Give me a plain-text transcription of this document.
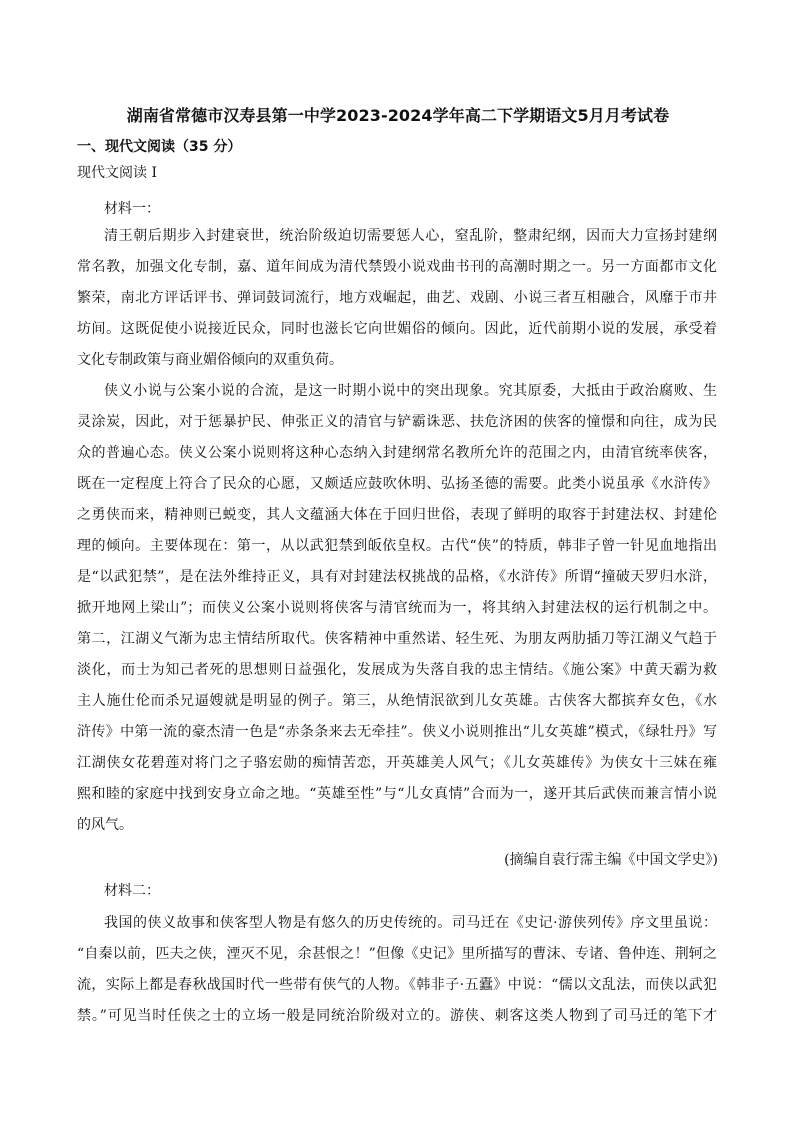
湖南省常德市汉寿县第一中学2023-2024学年高二下学期语文5月月考试卷
一、现代文阅读（35 分）
现代文阅读 I
材料一：
清王朝后期步入封建衰世，统治阶级迫切需要惩人心，窒乱阶，整肃纪纲，因而大力宣扬封建纲
常名教，加强文化专制，嘉、道年间成为清代禁毁小说戏曲书刊的高潮时期之一。另一方面都市文化
繁荣，南北方评话评书、弹词鼓词流行，地方戏崛起，曲艺、戏剧、小说三者互相融合，风靡于市井
坊间。这既促使小说接近民众，同时也滋长它向世媚俗的倾向。因此，近代前期小说的发展，承受着
文化专制政策与商业媚俗倾向的双重负荷。
侠义小说与公案小说的合流，是这一时期小说中的突出现象。究其原委，大抵由于政治腐败、生
灵涂炭，因此，对于惩暴护民、伸张正义的清官与铲霸诛恶、扶危济困的侠客的憧憬和向往，成为民
众的普遍心态。侠义公案小说则将这种心态纳入封建纲常名教所允许的范围之内，由清官统率侠客，
既在一定程度上符合了民众的心愿，又颇适应鼓吹休明、弘扬圣德的需要。此类小说虽承《水浒传》
之勇侠而来，精神则已蜕变，其人文蕴涵大体在于回归世俗，表现了鲜明的取容于封建法权、封建伦
理的倾向。主要体现在：第一，从以武犯禁到皈依皇权。古代“侠”的特质，韩非子曾一针见血地指出
是“以武犯禁”，是在法外维持正义，具有对封建法权挑战的品格，《水浒传》所谓“撞破天罗归水浒，
掀开地网上梁山”；而侠义公案小说则将侠客与清官统而为一，将其纳入封建法权的运行机制之中。
第二，江湖义气渐为忠主情结所取代。侠客精神中重然诺、轻生死、为朋友两肋插刀等江湖义气趋于
淡化，而士为知己者死的思想则日益强化，发展成为失落自我的忠主情结。《施公案》中黄天霸为救
主人施仕伦而杀兄逼嫂就是明显的例子。第三，从绝情泯欲到儿女英雄。古侠客大都摈弃女色，《水
浒传》中第一流的豪杰清一色是“赤条条来去无牵挂”。侠义小说则推出“儿女英雄”模式，《绿牡丹》写
江湖侠女花碧莲对将门之子骆宏勋的痴情苦恋，开英雄美人风气；《儿女英雄传》为侠女十三妹在雍
熙和睦的家庭中找到安身立命之地。“英雄至性”与“儿女真情”合而为一，遂开其后武侠而兼言情小说
的风气。
(摘编自袁行霈主编《中国文学史》)
材料二：
我国的侠义故事和侠客型人物是有悠久的历史传统的。司马迁在《史记·游侠列传》序文里虽说：
“自秦以前，匹夫之侠，湮灭不见，余甚恨之！”但像《史记》里所描写的曹沫、专诸、鲁仲连、荆轲之
流，实际上都是春秋战国时代一些带有侠气的人物。《韩非子·五蠹》中说：“儒以文乱法，而侠以武犯
禁。”可见当时任侠之士的立场一般是同统治阶级对立的。游侠、刺客这类人物到了司马迁的笔下才
